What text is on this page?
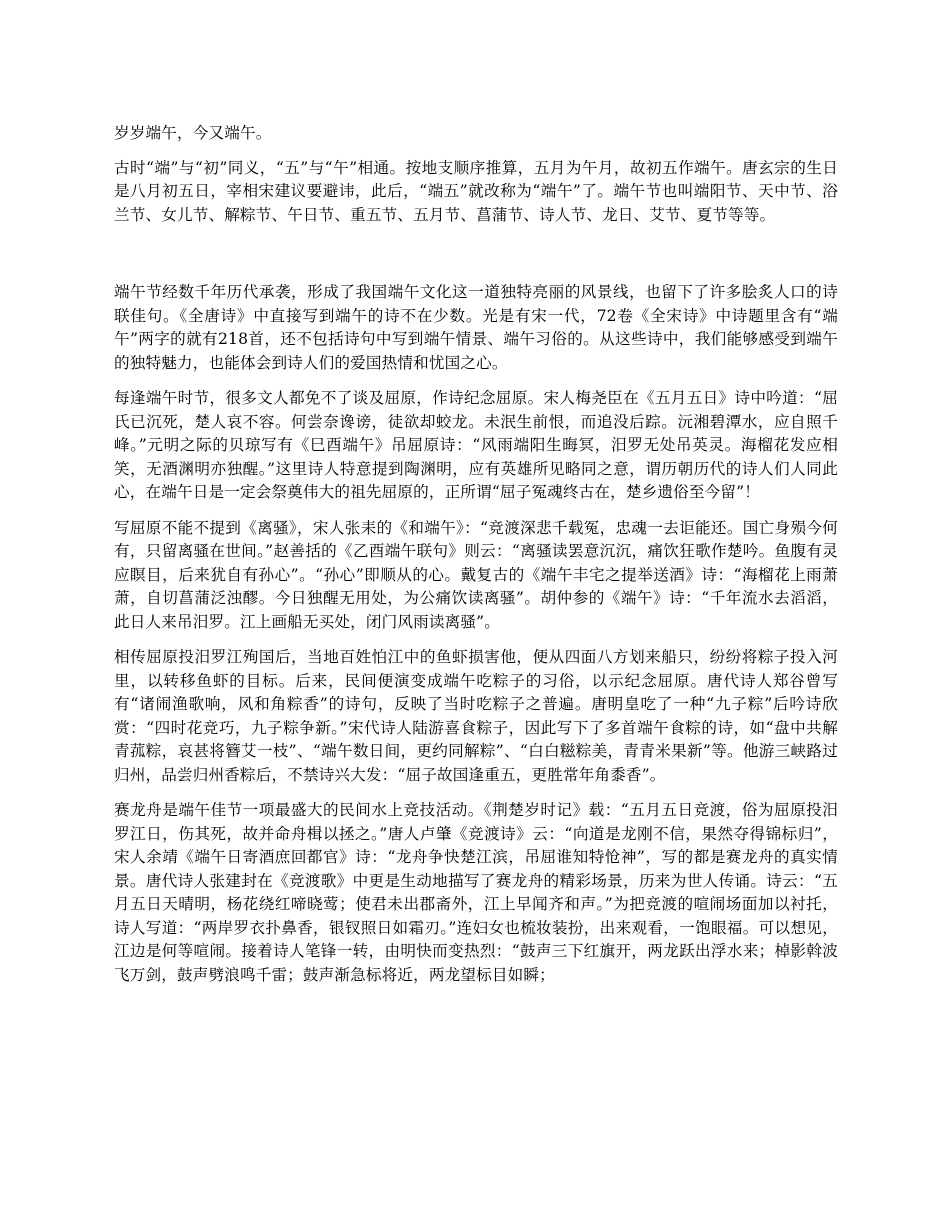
岁岁端午，今又端午。

古时“端”与“初”同义，“五”与“午”相通。按地支顺序推算，五月为午月，故初五作端午。唐玄宗的生日是八月初五日，宰相宋建议要避讳，此后，“端五”就改称为“端午”了。端午节也叫端阳节、天中节、浴兰节、女儿节、解粽节、午日节、重五节、五月节、菖蒲节、诗人节、龙日、艾节、夏节等等。

端午节经数千年历代承袭，形成了我国端午文化这一道独特亮丽的风景线，也留下了许多脍炙人口的诗联佳句。《全唐诗》中直接写到端午的诗不在少数。光是有宋一代，72卷《全宋诗》中诗题里含有“端午”两字的就有218首，还不包括诗句中写到端午情景、端午习俗的。从这些诗中，我们能够感受到端午的独特魅力，也能体会到诗人们的爱国热情和忧国之心。

每逢端午时节，很多文人都免不了谈及屈原，作诗纪念屈原。宋人梅尧臣在《五月五日》诗中吟道：“屈氏已沉死，楚人哀不容。何尝奈谗谤，徒欲却蛟龙。未泯生前恨，而追没后踪。沅湘碧潭水，应自照千峰。”元明之际的贝琼写有《巳酉端午》吊屈原诗：“风雨端阳生晦冥，汨罗无处吊英灵。海榴花发应相笑，无酒渊明亦独醒。”这里诗人特意提到陶渊明，应有英雄所见略同之意，谓历朝历代的诗人们人同此心，在端午日是一定会祭奠伟大的祖先屈原的，正所谓“屈子冤魂终古在，楚乡遗俗至今留”！

写屈原不能不提到《离骚》，宋人张耒的《和端午》：“竞渡深悲千载冤，忠魂一去讵能还。国亡身殒今何有，只留离骚在世间。”赵善括的《乙酉端午联句》则云：“离骚读罢意沉沉，痛饮狂歌作楚吟。鱼腹有灵应瞑目，后来犹自有孙心”。“孙心”即顺从的心。戴复古的《端午丰宅之提举送酒》诗：“海榴花上雨萧萧，自切菖蒲泛浊醪。今日独醒无用处，为公痛饮读离骚”。胡仲参的《端午》诗：“千年流水去滔滔，此日人来吊汨罗。江上画船无买处，闭门风雨读离骚”。

相传屈原投汨罗江殉国后，当地百姓怕江中的鱼虾损害他，便从四面八方划来船只，纷纷将粽子投入河里，以转移鱼虾的目标。后来，民间便演变成端午吃粽子的习俗，以示纪念屈原。唐代诗人郑谷曾写有“诸闹渔歌响，风和角粽香”的诗句，反映了当时吃粽子之普遍。唐明皇吃了一种“九子粽”后吟诗欣赏：“四时花竞巧，九子粽争新。”宋代诗人陆游喜食粽子，因此写下了多首端午食粽的诗，如“盘中共解青菰粽，哀甚将簪艾一枝”、“端午数日间，更约同解粽”、“白白糍粽美，青青米果新”等。他游三峡路过归州，品尝归州香粽后，不禁诗兴大发：“屈子故国逢重五，更胜常年角黍香”。

赛龙舟是端午佳节一项最盛大的民间水上竞技活动。《荆楚岁时记》载：“五月五日竞渡，俗为屈原投汨罗江日，伤其死，故并命舟楫以拯之。”唐人卢肇《竞渡诗》云：“向道是龙刚不信，果然夺得锦标归”，宋人余靖《端午日寄酒庶回都官》诗：“龙舟争快楚江滨，吊屈谁知特怆神”，写的都是赛龙舟的真实情景。唐代诗人张建封在《竞渡歌》中更是生动地描写了赛龙舟的精彩场景，历来为世人传诵。诗云：“五月五日天晴明，杨花绕红啼晓莺；使君未出郡斋外，江上早闻齐和声。”为把竞渡的喧闹场面加以衬托，诗人写道：“两岸罗衣扑鼻香，银钗照日如霜刃。”连妇女也梳妆装扮，出来观看，一饱眼福。可以想见，江边是何等喧闹。接着诗人笔锋一转，由明快而变热烈：“鼓声三下红旗开，两龙跃出浮水来；棹影斡波飞万剑，鼓声劈浪鸣千雷；鼓声渐急标将近，两龙望标目如瞬；
